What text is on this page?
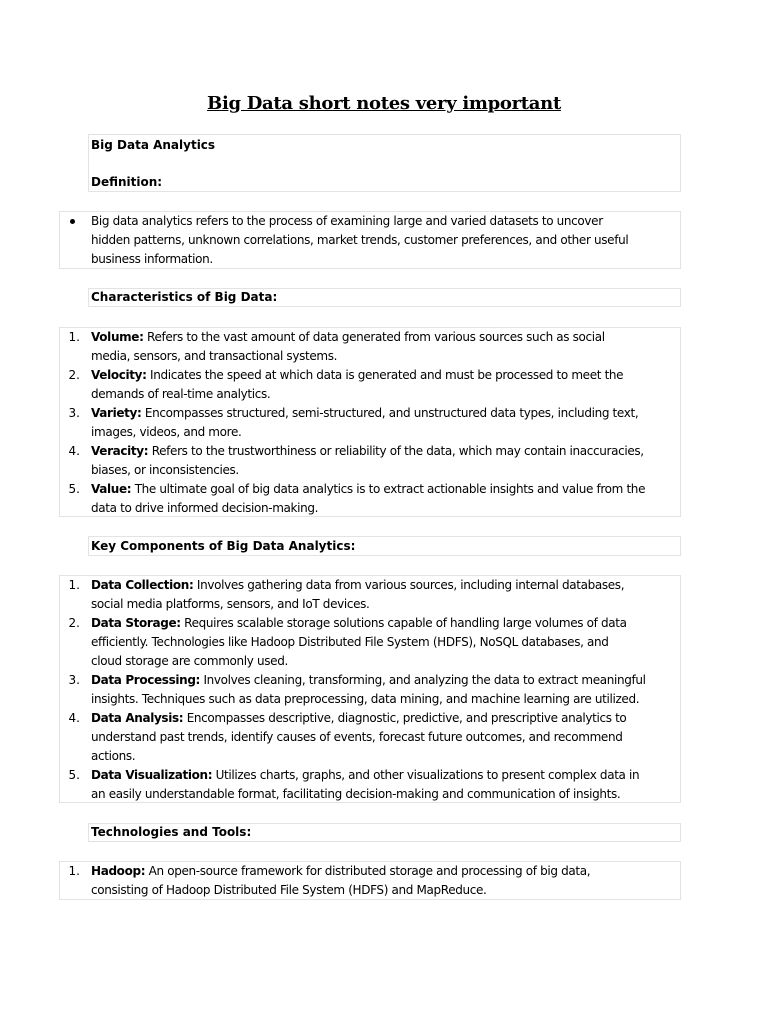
Big Data short notes very important
Big Data Analytics
Definition:
Big data analytics refers to the process of examining large and varied datasets to uncover
hidden patterns, unknown correlations, market trends, customer preferences, and other useful
business information.
Characteristics of Big Data:
1. Volume: Refers to the vast amount of data generated from various sources such as social
media, sensors, and transactional systems.
2. Velocity: Indicates the speed at which data is generated and must be processed to meet the
demands of real-time analytics.
3. Variety: Encompasses structured, semi-structured, and unstructured data types, including text,
images, videos, and more.
4. Veracity: Refers to the trustworthiness or reliability of the data, which may contain inaccuracies,
biases, or inconsistencies.
5. Value: The ultimate goal of big data analytics is to extract actionable insights and value from the
data to drive informed decision-making.
Key Components of Big Data Analytics:
1. Data Collection: Involves gathering data from various sources, including internal databases,
social media platforms, sensors, and IoT devices.
2. Data Storage: Requires scalable storage solutions capable of handling large volumes of data
efficiently. Technologies like Hadoop Distributed File System (HDFS), NoSQL databases, and
cloud storage are commonly used.
3. Data Processing: Involves cleaning, transforming, and analyzing the data to extract meaningful
insights. Techniques such as data preprocessing, data mining, and machine learning are utilized.
4. Data Analysis: Encompasses descriptive, diagnostic, predictive, and prescriptive analytics to
understand past trends, identify causes of events, forecast future outcomes, and recommend
actions.
5. Data Visualization: Utilizes charts, graphs, and other visualizations to present complex data in
an easily understandable format, facilitating decision-making and communication of insights.
Technologies and Tools:
1. Hadoop: An open-source framework for distributed storage and processing of big data,
consisting of Hadoop Distributed File System (HDFS) and MapReduce.
